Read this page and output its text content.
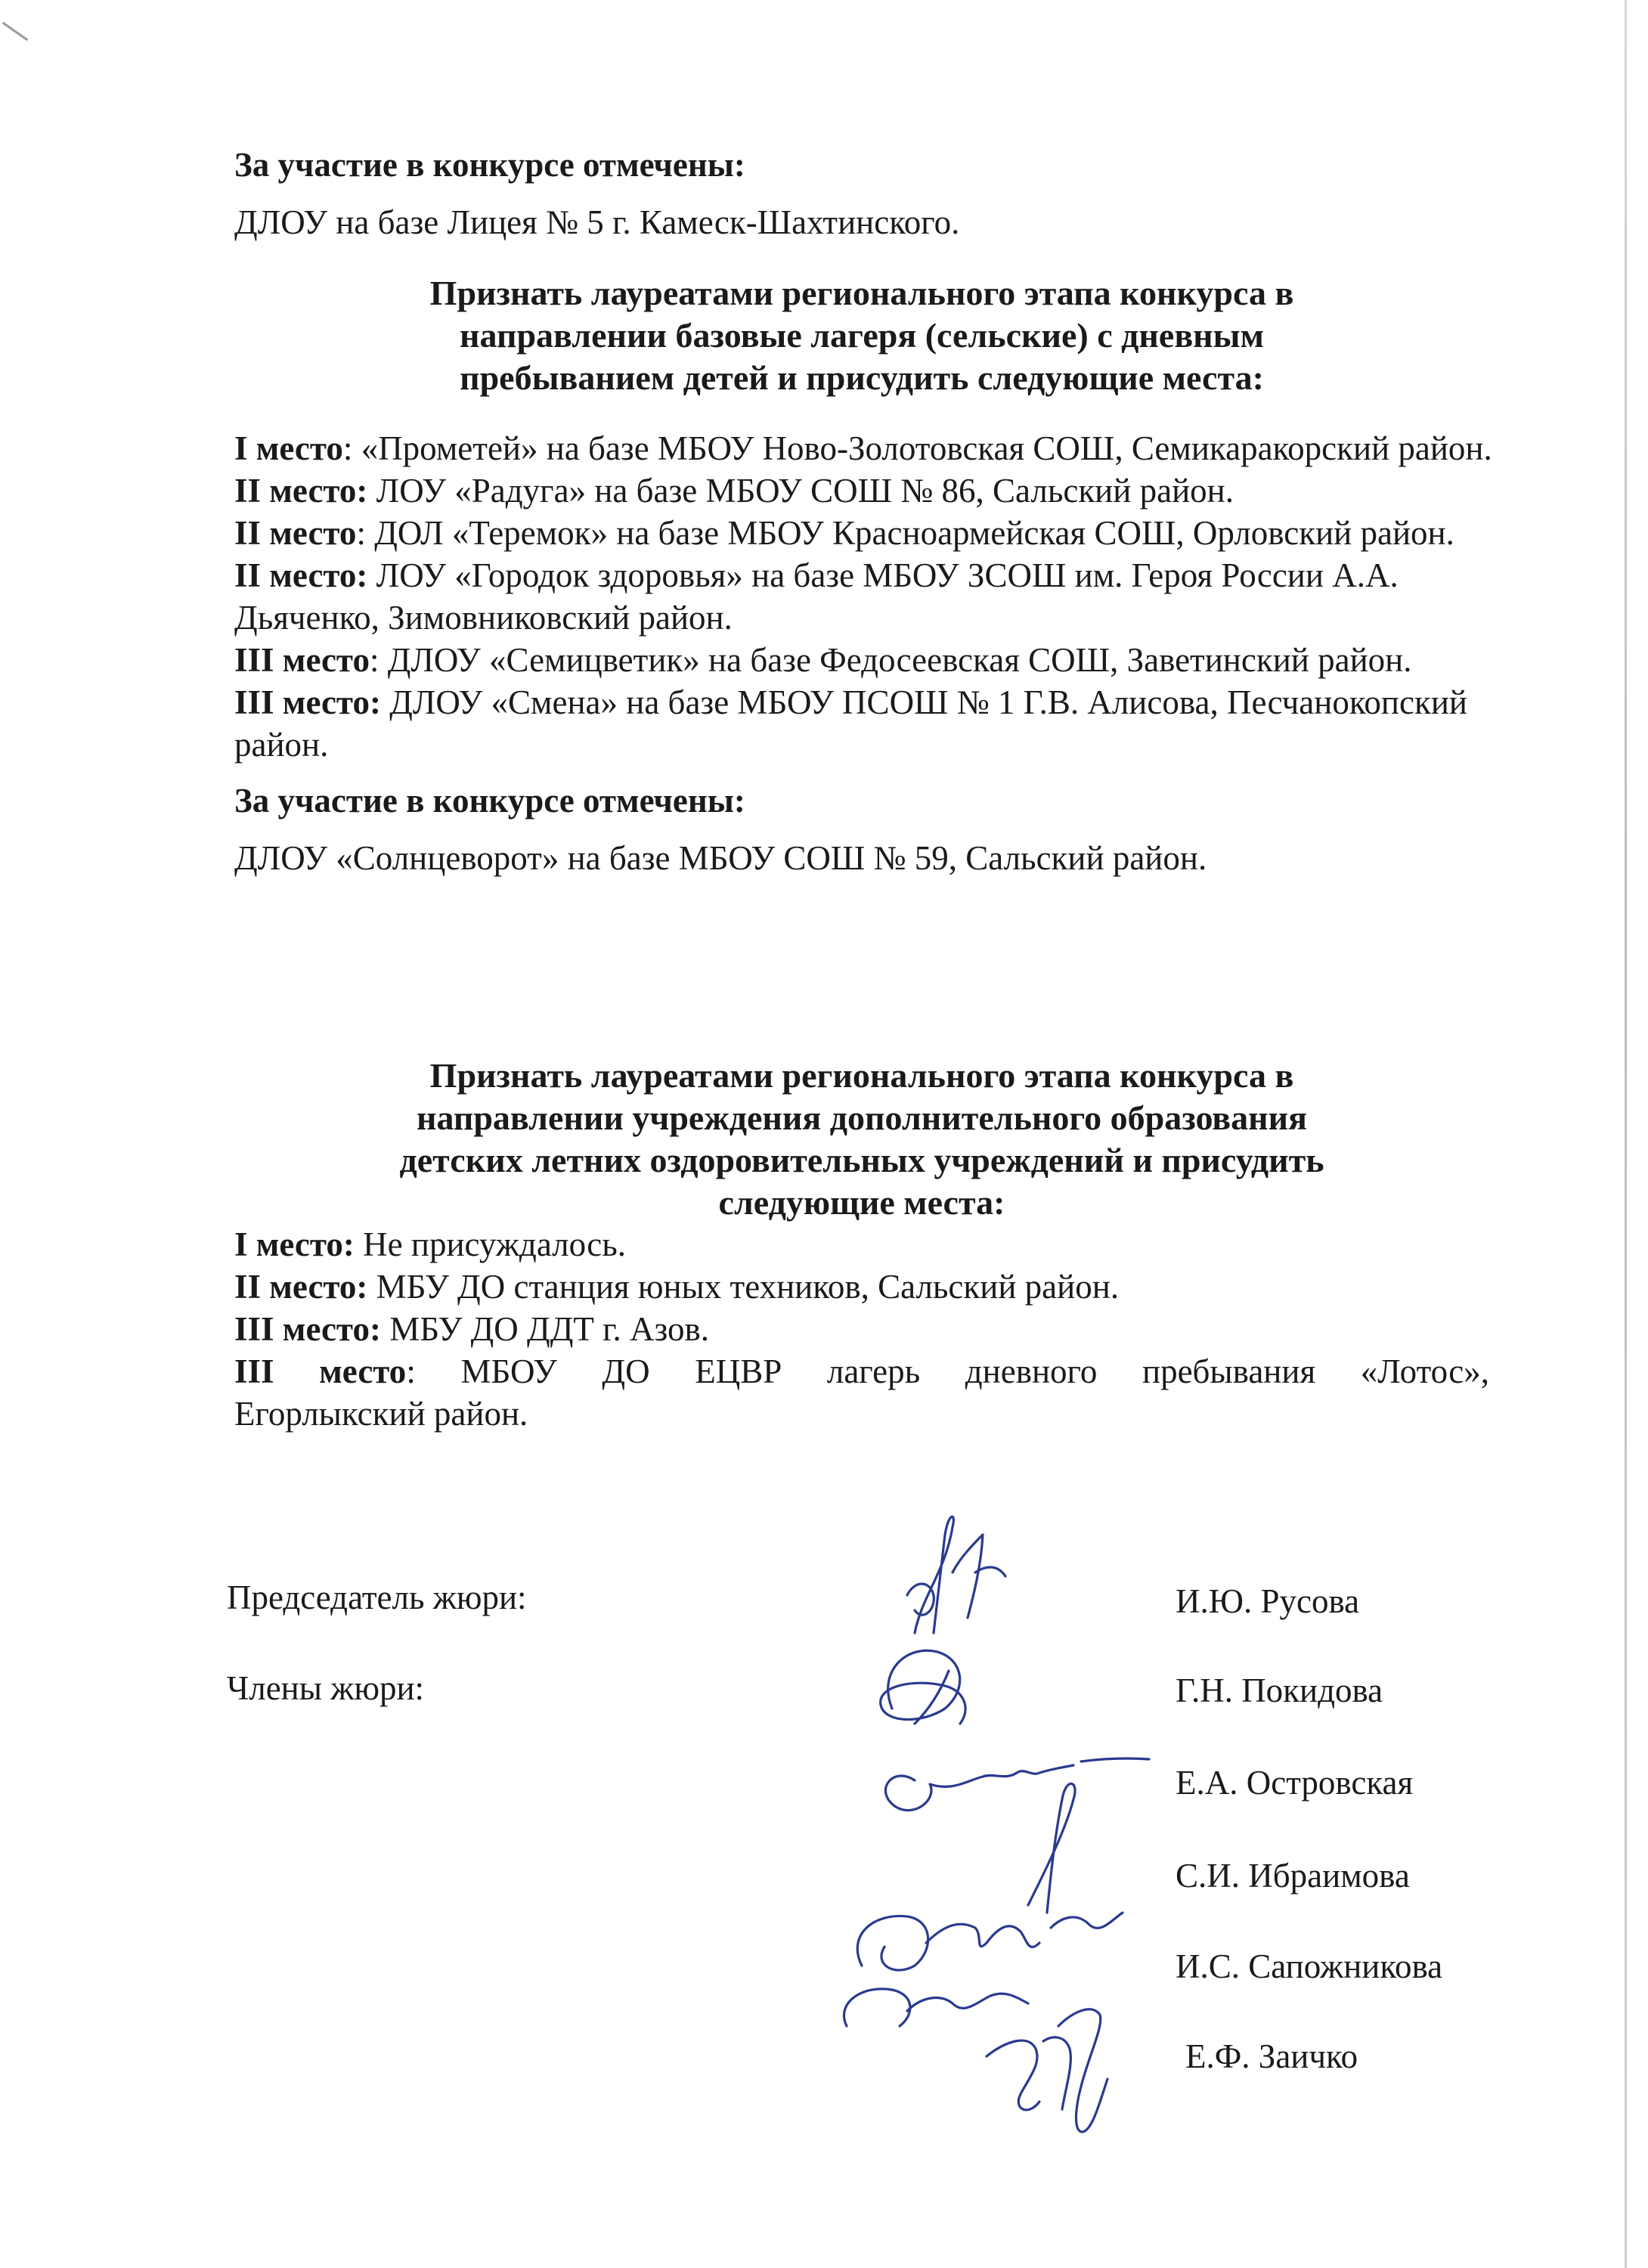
За участие в конкурсе отмечены:

ДЛОУ на базе Лицея № 5 г. Камеск-Шахтинского.

Признать лауреатами регионального этапа конкурса в
направлении базовые лагеря (сельские) с дневным
пребыванием детей и присудить следующие места:

I место: «Прометей» на базе МБОУ Ново-Золотовская СОШ, Семикаракорский район.

II место: ЛОУ «Радуга» на базе МБОУ СОШ № 86, Сальский район.

II место: ДОЛ «Теремок» на базе МБОУ Красноармейская СОШ, Орловский район.

II место: ЛОУ «Городок здоровья» на базе МБОУ ЗСОШ им. Героя России А.А. Дьяченко, Зимовниковский район.

III место: ДЛОУ «Семицветик» на базе Федосеевская СОШ, Заветинский район.

III место: ДЛОУ «Смена» на базе МБОУ ПСОШ № 1 Г.В. Алисова, Песчанокопский район.

За участие в конкурсе отмечены:

ДЛОУ «Солнцеворот» на базе МБОУ СОШ № 59, Сальский район.

Признать лауреатами регионального этапа конкурса в
направлении учреждения дополнительного образования
детских летних оздоровительных учреждений и присудить
следующие места:

I место: Не присуждалось.

II место: МБУ ДО станция юных техников, Сальский район.

III место: МБУ ДО ДДТ г. Азов.

III место: МБОУ ДО ЕЦВР лагерь дневного пребывания «Лотос»,

Егорлыкский район.

Председатель жюри:
Члены жюри:
И.Ю. Русова
Г.Н. Покидова
Е.А. Островская
С.И. Ибраимова
И.С. Сапожникова
Е.Ф. Заичко
